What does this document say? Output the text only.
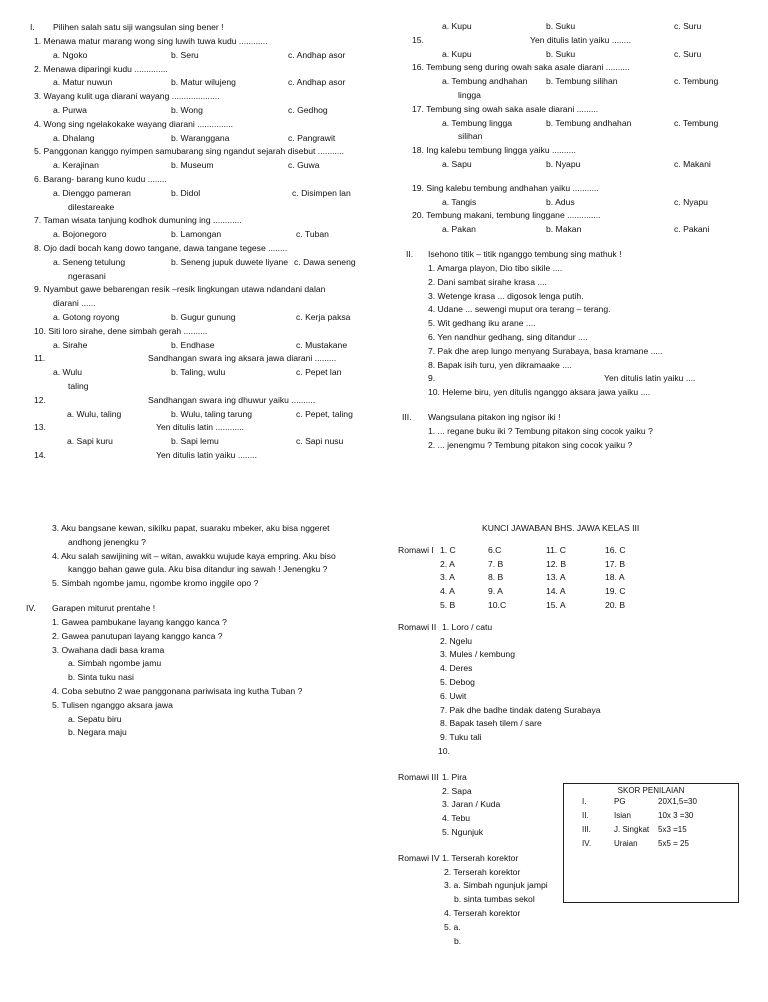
I. Pilihen salah satu siji wangsulan sing bener !
1. Menawa matur marang wong sing luwih tuwa kudu ............
a. Ngoko	b. Seru	c. Andhap asor
2. Menawa diparingi kudu ..............
a. Matur nuwun	b. Matur wilujeng	c. Andhap asor
3. Wayang kulit uga diarani wayang ....................
a. Purwa	b. Wong	c. Gedhog
4. Wong sing ngelakokake wayang diarani ...............
a. Dhalang	b. Waranggana	c. Pangrawit
5. Panggonan kanggo nyimpen samubarang sing ngandut sejarah disebut ...........
a. Kerajinan	b. Museum	c. Guwa
6. Barang- barang kuno kudu ........
a. Dienggo pameran	b. Didol	c. Disimpen lan
dilestareake
7. Taman wisata tanjung kodhok dumuning ing ............
a. Bojonegoro	b. Lamongan	c. Tuban
8. Ojo dadi bocah kang dowo tangane, dawa tangane tegese ........
a. Seneng tetulung	b. Seneng jupuk duwete liyane c. Dawa seneng
ngerasani
9. Nyambut gawe bebarengan resik –resik lingkungan utawa ndandani dalan
diarani ......
a. Gotong royong	b. Gugur gunung	c. Kerja paksa
10. Siti loro sirahe, dene simbah gerah ..........
a. Sirahe	b. Endhase	c. Mustakane
11.	Sandhangan swara ing aksara jawa diarani .........
a. Wulu	b. Taling, wulu	c. Pepet lan
taling
12.	Sandhangan swara ing dhuwur yaiku ..........
a. Wulu, taling	b. Wulu, taling tarung	c. Pepet, taling
13.	Yen ditulis latin ............
a. Sapi kuru	b. Sapi lemu	c. Sapi nusu
14.	Yen ditulis latin yaiku ........
a. Kupu	b. Suku	c. Suru
15.	Yen ditulis latin yaiku ........
a. Kupu	b. Suku	c. Suru
16. Tembung seng during owah saka asale diarani ..........
a. Tembung andhahan b. Tembung silihan	c. Tembung
lingga
17. Tembung sing owah saka asale diarani .........
a. Tembung lingga	b. Tembung andhahan	c. Tembung
silihan
18. Ing kalebu tembung lingga yaiku ..........
a. Sapu	b. Nyapu	c. Makani
19. Sing kalebu tembung andhahan yaiku ...........
a. Tangis	b. Adus	c. Nyapu
20. Tembung makani, tembung linggane ..............
a. Pakan	b. Makan	c. Pakani
II. Isehono titik – titik nganggo tembung sing mathuk !
1. Amarga playon, Dio tibo sikile ....
2. Dani sambat sirahe krasa ....
3. Wetenge krasa ... digosok lenga putih.
4. Udane ... sewengi muput ora terang – terang.
5. Wit gedhang iku arane ....
6. Yen nandhur gedhang, sing ditandur ....
7. Pak dhe arep lungo menyang Surabaya, basa kramane .....
8. Bapak isih turu, yen dikramaake ....
9.	Yen ditulis latin yaiku ....
10. Heleme biru, yen ditulis nganggo aksara jawa yaiku ....
III. Wangsulana pitakon ing ngisor iki !
1. ... regane buku iki ? Tembung pitakon sing cocok yaiku ?
2. ... jenengmu ? Tembung pitakon sing cocok yaiku ?
3. Aku bangsane kewan, sikilku papat, suaraku mbeker, aku bisa nggeret
andhong jenengku ?
4. Aku salah sawijining wit – witan, awakku wujude kaya empring. Aku biso
kanggo bahan gawe gula. Aku bisa ditandur ing sawah ! Jenengku ?
5. Simbah ngombe jamu, ngombe kromo inggile opo ?
IV. Garapen miturut prentahe !
1. Gawea pambukane layang kanggo kanca ?
2. Gawea panutupan layang kanggo kanca ?
3. Owahana dadi basa krama
a. Simbah ngombe jamu
b. Sinta tuku nasi
4. Coba sebutno 2 wae panggonana pariwisata ing kutha Tuban ?
5. Tulisen nganggo aksara jawa
a. Sepatu biru
b. Negara maju
KUNCI JAWABAN BHS. JAWA KELAS III
Romawi I 1. C	6.C	11. C	16. C
2. A	7. B	12. B	17. B
3. A	8. B	13. A	18. A
4. A	9. A	14. A	19. C
5. B	10.C	15. A	20. B
Romawi II 1. Loro / catu
2. Ngelu
3. Mules / kembung
4. Deres
5. Debog
6. Uwit
7. Pak dhe badhe tindak dateng Surabaya
8. Bapak taseh tilem / sare
9. Tuku tali
10.
Romawi III 1. Pira
2. Sapa
3. Jaran / Kuda
4. Tebu
5. Ngunjuk
Romawi IV 1. Terserah korektor
2. Terserah korektor
3. a. Simbah ngunjuk jampi
b. sinta tumbas sekol
4. Terserah korektor
5. a.
b.
SKOR PENILAIAN
I.	PG	20X1,5=30
II.	Isian	10x 3 =30
III.	J. Singkat 5x3 =15
IV.	Uraian	5x5 = 25
